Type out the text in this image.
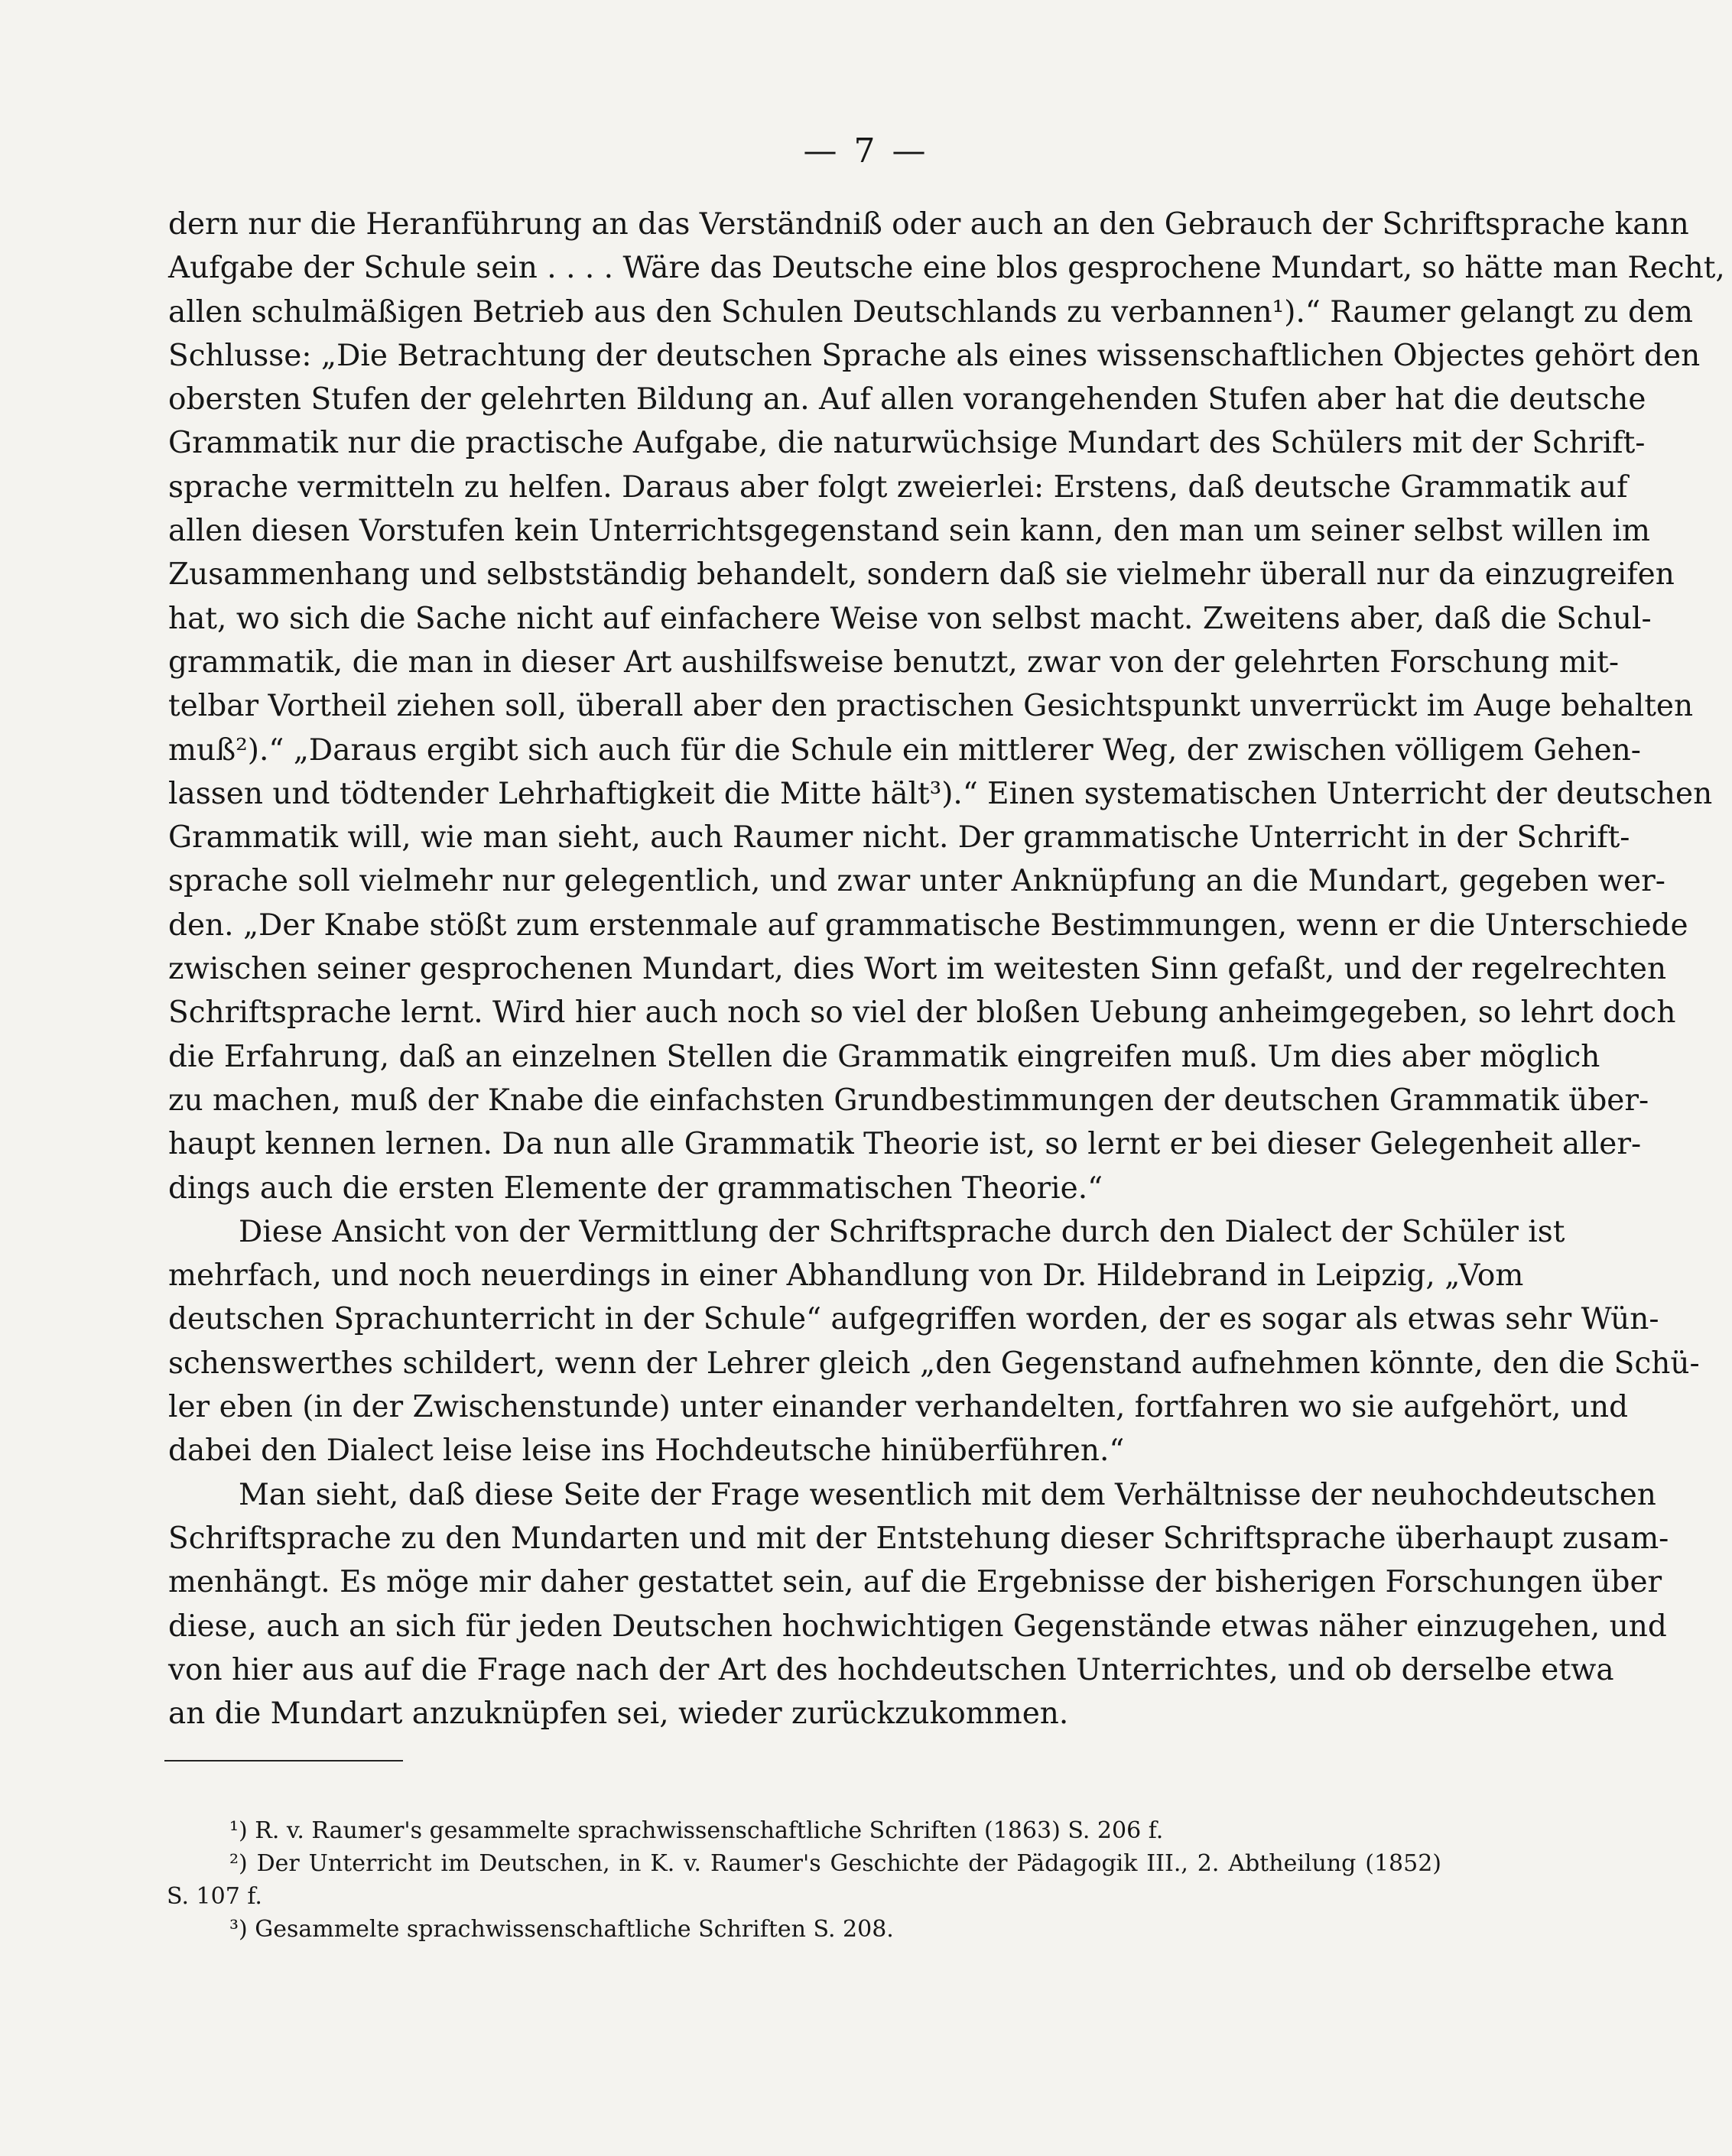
— 7 —
dern nur die Heranführung an das Verständniß oder auch an den Gebrauch der Schriftsprache kann
Aufgabe der Schule sein . . . . Wäre das Deutsche eine blos gesprochene Mundart, so hätte man Recht,
allen schulmäßigen Betrieb aus den Schulen Deutschlands zu verbannen¹).“ Raumer gelangt zu dem
Schlusse: „Die Betrachtung der deutschen Sprache als eines wissenschaftlichen Objectes gehört den
obersten Stufen der gelehrten Bildung an. Auf allen vorangehenden Stufen aber hat die deutsche
Grammatik nur die practische Aufgabe, die naturwüchsige Mundart des Schülers mit der Schrift-
sprache vermitteln zu helfen. Daraus aber folgt zweierlei: Erstens, daß deutsche Grammatik auf
allen diesen Vorstufen kein Unterrichtsgegenstand sein kann, den man um seiner selbst willen im
Zusammenhang und selbstständig behandelt, sondern daß sie vielmehr überall nur da einzugreifen
hat, wo sich die Sache nicht auf einfachere Weise von selbst macht. Zweitens aber, daß die Schul-
grammatik, die man in dieser Art aushilfsweise benutzt, zwar von der gelehrten Forschung mit-
telbar Vortheil ziehen soll, überall aber den practischen Gesichtspunkt unverrückt im Auge behalten
muß²).“ „Daraus ergibt sich auch für die Schule ein mittlerer Weg, der zwischen völligem Gehen-
lassen und tödtender Lehrhaftigkeit die Mitte hält³).“ Einen systematischen Unterricht der deutschen
Grammatik will, wie man sieht, auch Raumer nicht. Der grammatische Unterricht in der Schrift-
sprache soll vielmehr nur gelegentlich, und zwar unter Anknüpfung an die Mundart, gegeben wer-
den. „Der Knabe stößt zum erstenmale auf grammatische Bestimmungen, wenn er die Unterschiede
zwischen seiner gesprochenen Mundart, dies Wort im weitesten Sinn gefaßt, und der regelrechten
Schriftsprache lernt. Wird hier auch noch so viel der bloßen Uebung anheimgegeben, so lehrt doch
die Erfahrung, daß an einzelnen Stellen die Grammatik eingreifen muß. Um dies aber möglich
zu machen, muß der Knabe die einfachsten Grundbestimmungen der deutschen Grammatik über-
haupt kennen lernen. Da nun alle Grammatik Theorie ist, so lernt er bei dieser Gelegenheit aller-
dings auch die ersten Elemente der grammatischen Theorie.“
Diese Ansicht von der Vermittlung der Schriftsprache durch den Dialect der Schüler ist
mehrfach, und noch neuerdings in einer Abhandlung von Dr. Hildebrand in Leipzig, „Vom
deutschen Sprachunterricht in der Schule“ aufgegriffen worden, der es sogar als etwas sehr Wün-
schenswerthes schildert, wenn der Lehrer gleich „den Gegenstand aufnehmen könnte, den die Schü-
ler eben (in der Zwischenstunde) unter einander verhandelten, fortfahren wo sie aufgehört, und
dabei den Dialect leise leise ins Hochdeutsche hinüberführen.“
Man sieht, daß diese Seite der Frage wesentlich mit dem Verhältnisse der neuhochdeutschen
Schriftsprache zu den Mundarten und mit der Entstehung dieser Schriftsprache überhaupt zusam-
menhängt. Es möge mir daher gestattet sein, auf die Ergebnisse der bisherigen Forschungen über
diese, auch an sich für jeden Deutschen hochwichtigen Gegenstände etwas näher einzugehen, und
von hier aus auf die Frage nach der Art des hochdeutschen Unterrichtes, und ob derselbe etwa
an die Mundart anzuknüpfen sei, wieder zurückzukommen.
¹) R. v. Raumer's gesammelte sprachwissenschaftliche Schriften (1863) S. 206 f.
²) Der Unterricht im Deutschen, in K. v. Raumer's Geschichte der Pädagogik III., 2. Abtheilung (1852)
S. 107 f.
³) Gesammelte sprachwissenschaftliche Schriften S. 208.
